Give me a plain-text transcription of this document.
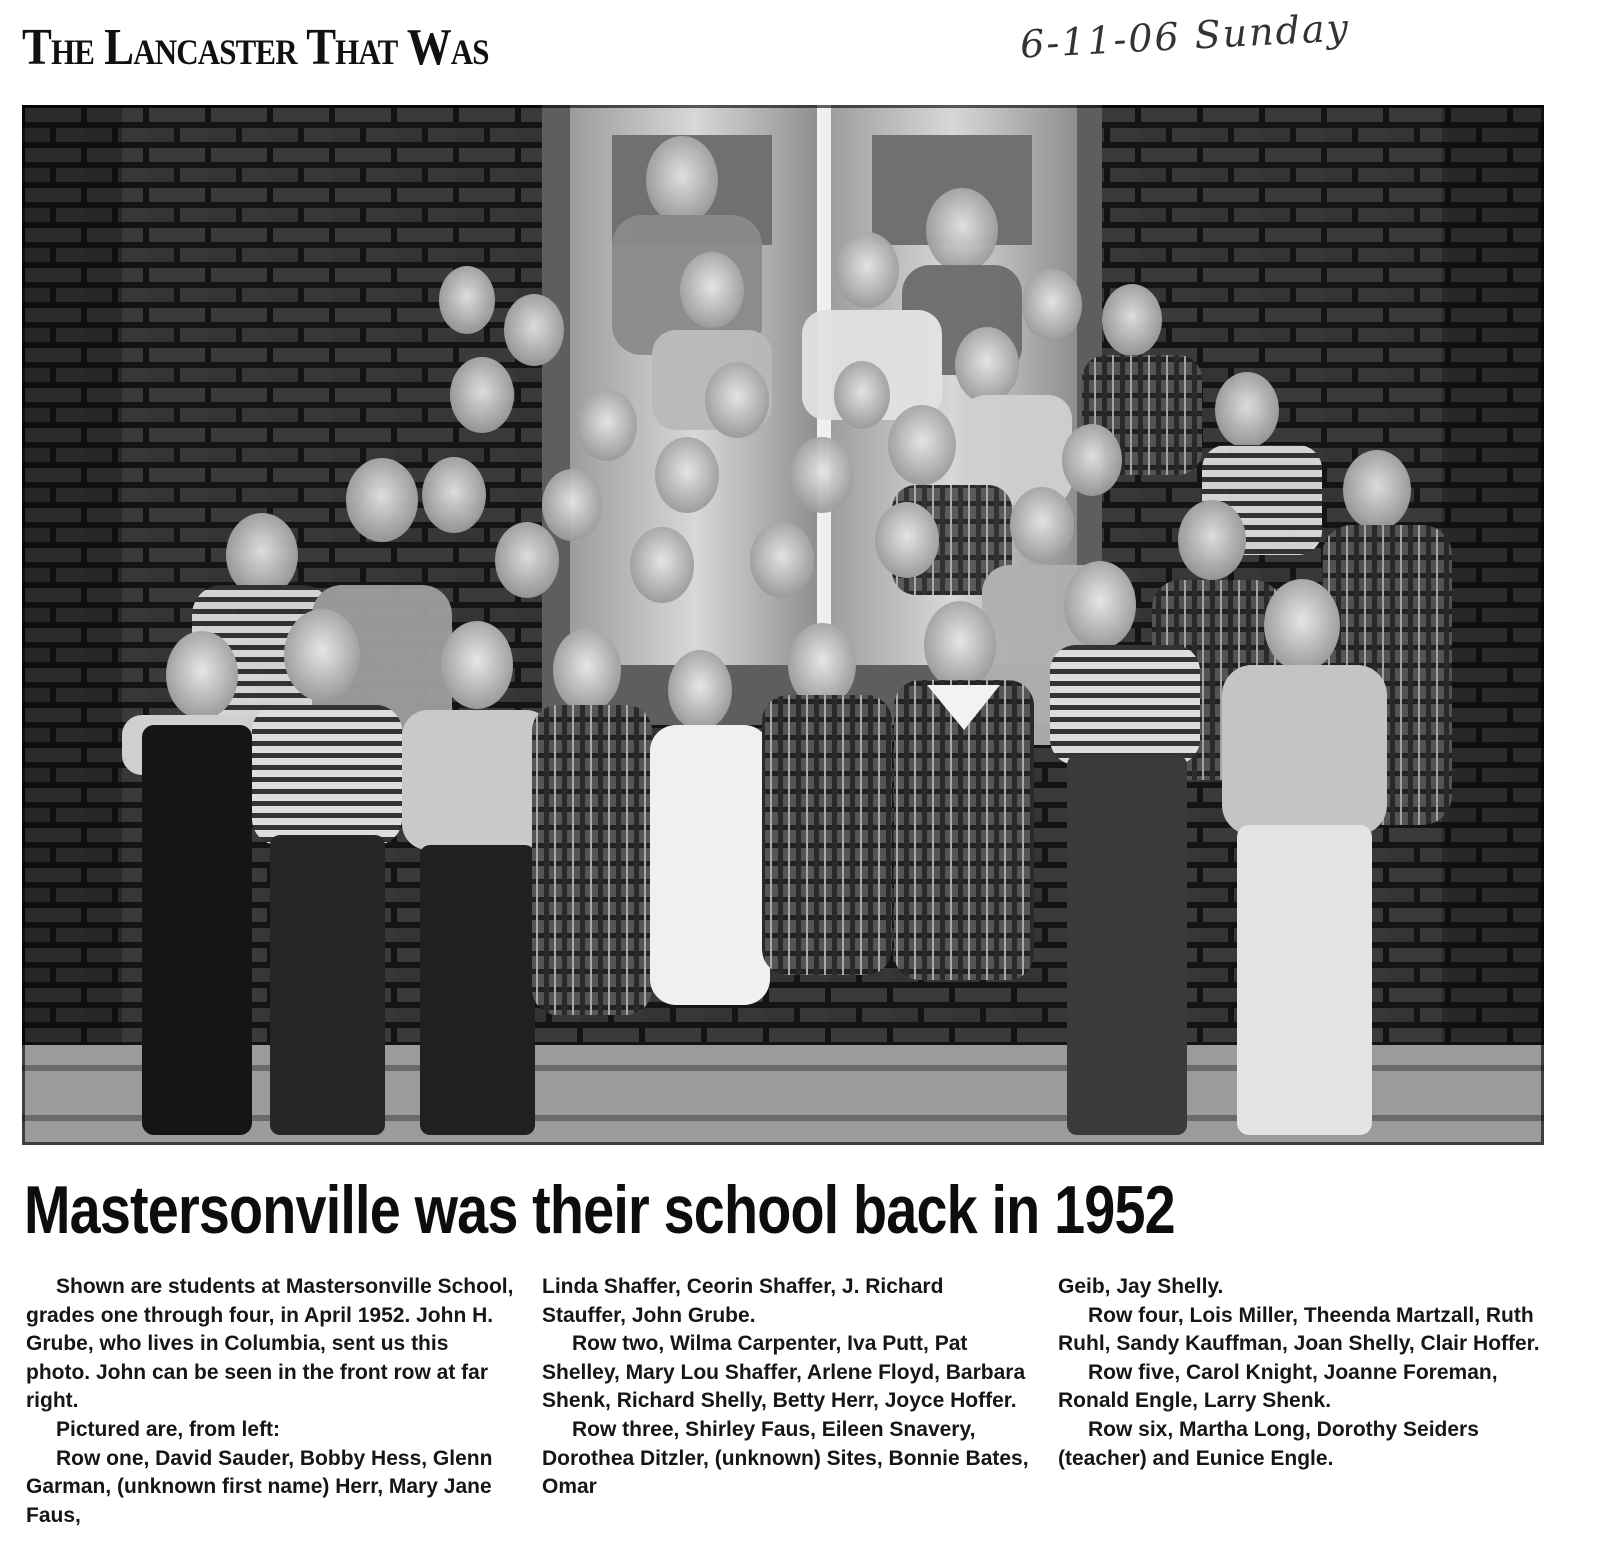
The Lancaster That Was	6-11-06 Sunday
Mastersonville was their school back in 1952

Shown are students at Mastersonville School, grades one through four, in April 1952. John H. Grube, who lives in Columbia, sent us this photo. John can be seen in the front row at far right.

Pictured are, from left:

Row one, David Sauder, Bobby Hess, Glenn Garman, (unknown first name) Herr, Mary Jane Faus,

Linda Shaffer, Ceorin Shaffer, J. Richard Stauffer, John Grube.

Row two, Wilma Carpenter, Iva Putt, Pat Shelley, Mary Lou Shaffer, Arlene Floyd, Barbara Shenk, Richard Shelly, Betty Herr, Joyce Hoffer.

Row three, Shirley Faus, Eileen Snavery, Dorothea Ditzler, (unknown) Sites, Bonnie Bates, Omar

Geib, Jay Shelly.

Row four, Lois Miller, Theenda Martzall, Ruth Ruhl, Sandy Kauffman, Joan Shelly, Clair Hoffer.

Row five, Carol Knight, Joanne Foreman, Ronald Engle, Larry Shenk.

Row six, Martha Long, Dorothy Seiders (teacher) and Eunice Engle.
